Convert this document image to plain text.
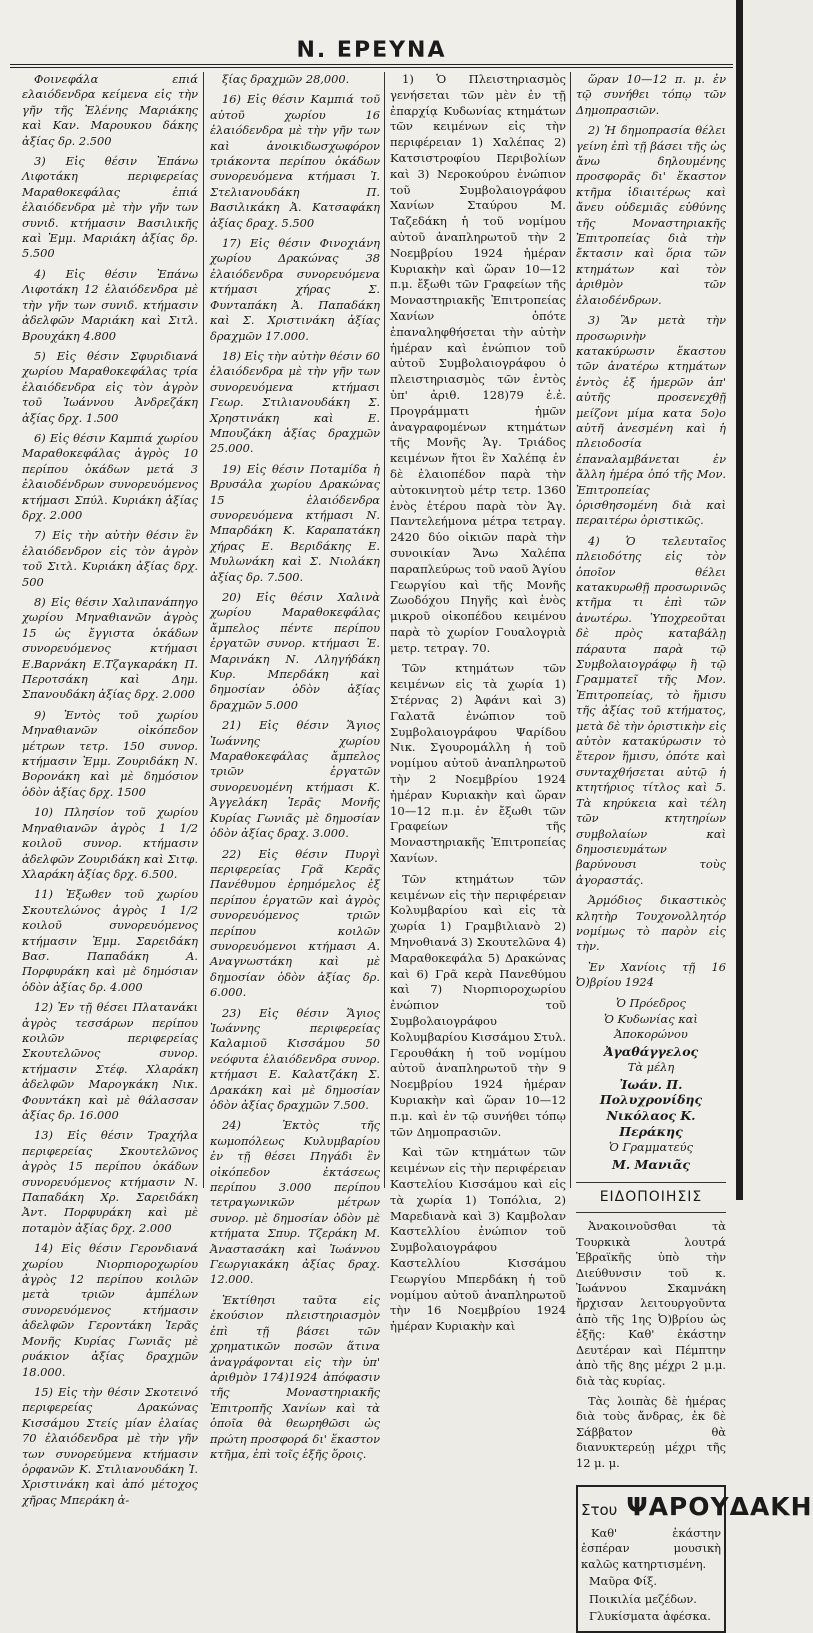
Ν. ΕΡΕΥΝΑ

Φοινεφάλα επιά ελαιόδενδρα κείμενα εἰς τὴν γῆν τῆς Ἑλένης Μαριάκης καὶ Καν. Μαρουκου δάκης ἀξίας δρ. 2.500

3) Εἰς θέσιν Ἐπάνω Λιφοτάκη περιφερείας Μαραθοκεφάλας ἐπιά ἐλαιόδενδρα μὲ τὴν γῆν των συνιδ. κτήμασιν Βασιλικῆς καὶ Ἐμμ. Μαριάκη ἀξίας δρ. 5.500

4) Εἰς θέσιν Ἐπάνω Λιφοτάκη 12 ἐλαιόδενδρα μὲ τὴν γῆν των συνιδ. κτήμασιν ἀδελφῶν Μαριάκη καὶ Σιτλ. Βρουχάκη 4.800

5) Εἰς θέσιν Σφυριδιανά χωρίου Μαραθοκεφάλας τρία ἐλαιόδενδρα εἰς τὸν ἀγρὸν τοῦ Ἰωάννου Ἀνδρεζάκη ἀξίας δρχ. 1.500

6) Εἰς θέσιν Καμπιά χωρίου Μαραθοκεφάλας ἀγρὸς 10 περίπου ὀκάδων μετά 3 ἐλαιοδένδρων συνορευόμενος κτήμασι Σπύλ. Κυριάκη ἀξίας δρχ. 2.000

7) Εἰς τὴν αὐτὴν θέσιν ἓν ἐλαιόδενδρον εἰς τὸν ἀγρὸν τοῦ Σιτλ. Κυριάκη ἀξίας δρχ. 500

8) Εἰς θέσιν Χαλιπανάπηγο χωρίου Μηναθιανῶν ἀγρὸς 15 ὡς ἔγγιστα ὀκάδων συνορευόμενος κτήμασι Ε.Βαρνάκη Ε.Τζαγκαράκη Π. Περοτσάκη καὶ Δημ. Σπανουδάκη ἀξίας δρχ. 2.000

9) Ἐντὸς τοῦ χωρίου Μηναθιανῶν οἰκόπεδον μέτρων τετρ. 150 συνορ. κτήμασιν Ἐμμ. Ζουριδάκη Ν. Βορονάκη καὶ μὲ δημόσιον ὁδὸν ἀξίας δρχ. 1500

10) Πλησίον τοῦ χωρίου Μηναθιανῶν ἀγρὸς 1 1/2 κοιλοῦ συνορ. κτήμασιν ἀδελφῶν Ζουριδάκη καὶ Σιτφ. Χλαράκη ἀξίας δρχ. 6.500.

11) Ἐξωθεν τοῦ χωρίου Σκουτελώνος ἀγρὸς 1 1/2 κοιλοῦ συνορευόμενος κτήμασιν Ἐμμ. Σαρειδάκη Βασ. Παπαδάκη Α. Πορφυράκη καὶ μὲ δημόσιαν ὁδὸν ἀξίας δρ. 4.000

12) Ἐν τῇ θέσει Πλατανάκι ἀγρὸς τεσσάρων περίπου κοιλῶν περιφερείας Σκουτελῶνος συνορ. κτήμασιν Στέφ. Χλαράκη ἀδελφῶν Μαρογκάκη Νικ. Φουντάκη καὶ μὲ θάλασσαν ἀξίας δρ. 16.000

13) Εἰς θέσιν Τραχήλα περιφερείας Σκουτελῶνος ἀγρὸς 15 περίπου ὀκάδων συνορευόμενος κτήμασιν Ν. Παπαδάκη Χρ. Σαρειδάκη Ἀντ. Πορφυράκη καὶ μὲ ποταμὸν ἀξίας δρχ. 2.000

14) Εἰς θέσιν Γερονδιανά χωρίου Νιορπιοροχωρίου ἀγρὸς 12 περίπου κοιλῶν μετὰ τριῶν ἀμπέλων συνορευόμενος κτήμασιν ἀδελφῶν Γεροντάκη Ἱερᾶς Μονῆς Κυρίας Γωνιᾶς μὲ ρυάκιον ἀξίας δραχμῶν 18.000.

15) Εἰς τὴν θέσιν Σκοτεινό περιφερείας Δρακώνας Κισσάμου Στείς μίαν ἐλαίας 70 ἐλαιόδενδρα μὲ τὴν γῆν των συνορεύμενα κτήμασιν ὀρφανῶν Κ. Στιλιανουδάκη Ἰ. Χριστινάκη καὶ ἀπό μέτοχος χῆρας Μπεράκη ἀ-

ξίας δραχμῶν 28,000.

16) Εἰς θέσιν Καμπιά τοῦ αὐτοῦ χωρίου 16 ἐλαιόδενδρα μὲ τὴν γῆν των καὶ ἀνοικιδωσχωφόρον τριάκοντα περίπου ὀκάδων συνορευόμενα κτήμασι Ἰ. Στελιανουδάκη Π. Βασιλικάκη Ἀ. Κατσαφάκη ἀξίας δραχ. 5.500

17) Εἰς θέσιν Φινοχιάνη χωρίου Δρακώνας 38 ἐλαιόδενδρα συνορευόμενα κτήμασι χήρας Σ. Φυνταπάκη Ἀ. Παπαδάκη καὶ Σ. Χριστινάκη ἀξίας δραχμῶν 17.000.

18) Εἰς τὴν αὐτὴν θέσιν 60 ἐλαιόδενδρα μὲ τὴν γῆν των συνορευόμενα κτήμασι Γεωρ. Στιλιανουδάκη Σ. Χρηστινάκη καὶ Ε. Μπουζάκη ἀξίας δραχμῶν 25.000.

19) Εἰς θέσιν Ποταμίδα ἡ Βρυσάλα χωρίου Δρακώνας 15 ἐλαιόδενδρα συνορευόμενα κτήμασι Ν. Μπαρδάκη Κ. Καραπατάκη χήρας Ε. Βεριδάκης Ε. Μυλωνάκη καὶ Σ. Νιολάκη ἀξίας δρ. 7.500.

20) Εἰς θέσιν Χαλινὰ χωρίου Μαραθοκεφάλας ἄμπελος πέντε περίπου ἐργατῶν συνορ. κτήμασι Ἐ. Μαρινάκη Ν. Λληγήδάκη Κυρ. Μπερδάκη καὶ δημοσίαν ὁδὸν ἀξίας δραχμῶν 5.000

21) Εἰς θέσιν Ἅγιος Ἰωάννης χωρίου Μαραθοκεφάλας ἄμπελος τριῶν ἐργατῶν συνορευομένη κτήμασι Κ. Ἀγγελάκη Ἱερᾶς Μονῆς Κυρίας Γωνιᾶς μὲ δημοσίαν ὁδὸν ἀξίας δραχ. 3.000.

22) Εἰς θέσιν Πυργὶ περιφερείας Γρᾶ Κερᾶς Πανέθυμου ἐρημόμελος ἐξ περίπου ἐργατῶν καὶ ἀγρὸς συνορευόμενος τριῶν περίπου κοιλῶν συνορευόμενοι κτήμασι Α. Αναγνωστάκη καὶ μὲ δημοσίαν ὁδὸν ἀξίας δρ. 6.000.

23) Εἰς θέσιν Ἅγιος Ἰωάννης περιφερείας Καλαμιοῦ Κισσάμου 50 νεόφυτα ἐλαιόδενδρα συνορ. κτήμασι Ε. Καλατζάκη Σ. Δρακάκη καὶ μὲ δημοσίαν ὁδὸν ἀξίας δραχμῶν 7.500.

24) Ἐκτὸς τῆς κωμοπόλεως Κυλυμβαρίου ἐν τῇ θέσει Πηγάδι ἓν οἰκόπεδον ἐκτάσεως περίπου 3.000 περίπου τετραγωνικῶν μέτρων συνορ. μὲ δημοσίαν ὁδὸν μὲ κτήματα Σπυρ. Τζεράκη Μ. Ἀναστασάκη καὶ Ἰωάννου Γεωργιακάκη ἀξίας δραχ. 12.000.

Ἐκτίθησι ταῦτα εἰς ἐκούσιον πλειστηριασμὸν ἐπὶ τῇ βάσει τῶν χρηματικῶν ποσῶν ἅτινα ἀναγράφονται εἰς τὴν ὑπ' ἀριθμὸν 174)1924 ἀπόφασιν τῆς Μοναστηριακῆς Ἐπιτροπῆς Χανίων καὶ τὰ ὁποῖα θὰ θεωρηθῶσι ὡς πρώτη προσφορά δι' ἕκαστον κτῆμα, ἐπὶ τοῖς ἑξῆς ὅροις.

1) Ὁ Πλειστηριασμὸς γενήσεται τῶν μὲν ἐν τῇ ἐπαρχίᾳ Κυδωνίας κτημάτων τῶν κειμένων εἰς τὴν περιφέρειαν 1) Χαλέπας 2) Κατσιστροφίου Περιβολίων καὶ 3) Νεροκούρου ἐνώπιον τοῦ Συμβολαιογράφου Χανίων Σταύρου Μ. Ταζεδάκη ἡ τοῦ νομίμου αὐτοῦ ἀναπληρωτοῦ τὴν 2 Νοεμβρίου 1924 ἡμέραν Κυριακὴν καὶ ὥραν 10—12 π.μ. ἔξωθι τῶν Γραφείων τῆς Μοναστηριακῆς Ἐπιτροπείας Χανίων ὁπότε ἐπαναληφθήσεται τὴν αὐτὴν ἡμέραν καὶ ἐνώπιον τοῦ αὐτοῦ Συμβολαιογράφου ὁ πλειστηριασμὸς τῶν ἐντὸς ὑπ' ἀριθ. 128)79 ἐ.ἐ. Προγράμματι ἡμῶν ἀναγραφομένων κτημάτων τῆς Μονῆς Ἁγ. Τριάδος κειμένων ἤτοι ἓν Χαλέπᾳ ἐν δὲ ἐλαιοπέδον παρὰ τὴν αὐτοκινητοὺ μέτρ τετρ. 1360 ἑνὸς ἑτέρου παρὰ τὸν Ἁγ. Παντελεήμονα μέτρα τετραγ. 2420 δύο οἰκιῶν παρὰ τὴν συνοικίαν Ἄνω Χαλέπα παραπλεύρως τοῦ ναοῦ Ἁγίου Γεωργίου καὶ τῆς Μονῆς Ζωοδόχου Πηγῆς καὶ ἑνὸς μικροῦ οἰκοπέδου κειμένου παρὰ τὸ χωρίον Γουαλογριὰ μετρ. τετραγ. 70.

Τῶν κτημάτων τῶν κειμένων εἰς τὰ χωρία 1) Στέρνας 2) Ἀφάνι καὶ 3) Γαλατᾶ ἐνώπιον τοῦ Συμβολαιογράφου Ψαρίδου Νικ. Σγουρομάλλη ἡ τοῦ νομίμου αὐτοῦ ἀναπληρωτοῦ τὴν 2 Νοεμβρίου 1924 ἡμέραν Κυριακὴν καὶ ὥραν 10—12 π.μ. ἐν ἔξωθι τῶν Γραφείων τῆς Μοναστηριακῆς Ἐπιτροπείας Χανίων.

Τῶν κτημάτων τῶν κειμένων εἰς τὴν περιφέρειαν Κολυμβαρίου καὶ εἰς τὰ χωρία 1) Γραμβιλιανὸ 2) Μηνοθιανά 3) Σκουτελῶνα 4) Μαραθοκεφάλα 5) Δρακώνας καὶ 6) Γρᾶ κερὰ Πανεθύμου καὶ 7) Νιορπιοροχωρίου ἐνώπιον τοῦ Συμβολαιογράφου Κολυμβαρίου Κισσάμου Στυλ. Γερουθάκη ἡ τοῦ νομίμου αὐτοῦ ἀναπληρωτοῦ τὴν 9 Νοεμβρίου 1924 ἡμέραν Κυριακὴν καὶ ὥραν 10—12 π.μ. καὶ ἐν τῷ συνήθει τόπῳ τῶν Δημοπρασιῶν.

Καὶ τῶν κτημάτων τῶν κειμένων εἰς τὴν περιφέρειαν Καστελίου Κισσάμου καὶ εἰς τὰ χωρία 1) Τοπόλια, 2) Μαρεδιανὰ καὶ 3) Καμβολαν Καστελλίου ἐνώπιον τοῦ Συμβολαιογράφου Καστελλίου Κισσάμου Γεωργίου Μπερδάκη ἡ τοῦ νομίμου αὐτοῦ ἀναπληρωτοῦ τὴν 16 Νοεμβρίου 1924 ἡμέραν Κυριακὴν καὶ

ὥραν 10—12 π. μ. ἐν τῷ συνήθει τόπῳ τῶν Δημοπρασιῶν.

2) Ἡ δημοπρασία θέλει γείνη ἐπὶ τῇ βάσει τῆς ὡς ἄνω δηλουμένης προσφορᾶς δι' ἕκαστον κτῆμα ἰδιαιτέρως καὶ ἄνευ οὐδεμιᾶς εὐθύνης τῆς Μοναστηριακῆς Ἐπιτροπείας διὰ τὴν ἔκτασιν καὶ ὅρια τῶν κτημάτων καὶ τὸν ἀριθμὸν τῶν ἐλαιοδένδρων.

3) Ἂν μετὰ τὴν προσωρινὴν κατακύρωσιν ἕκαστου τῶν ἀνατέρω κτημάτων ἐντὸς ἐξ ἡμερῶν ἀπ' αὐτῆς προσενεχθῇ μείζονι μίμα κατα 5ο)ο αὐτῆ ἀνεσμένη καὶ ἡ πλειοδοσία ἐπαναλαμβάνεται ἐν ἄλλη ἡμέρα ὁπό τῆς Μον. Ἐπιτροπείας ὁρισθησομένη διὰ καὶ περαιτέρω ὁριστικῶς.

4) Ὁ τελευταῖος πλειοδότης εἰς τὸν ὁποῖον θέλει κατακυρωθῇ προσωρινῶς κτῆμα τι ἐπὶ τῶν ἀνωτέρω. Ὑποχρεοῦται δὲ πρὸς καταβάλῃ πάραυτα παρὰ τῷ Συμβολαιογράφῳ ἢ τῷ Γραμματεῖ τῆς Μον. Ἐπιτροπείας, τὸ ἥμισυ τῆς ἀξίας τοῦ κτήματος, μετὰ δὲ τὴν ὁριστικὴν εἰς αὐτὸν κατακύρωσιν τὸ ἕτερον ἥμισυ, ὁπότε καὶ συνταχθήσεται αὐτῷ ἡ κτητήριος τίτλος καὶ 5. Τὰ κηρύκεια καὶ τέλη τῶν κτητηρίων συμβολαίων καὶ δημοσιευμάτων βαρύνουσι τοὺς ἀγοραστάς.

Ἀρμόδιος δικαστικὸς κλητὴρ Τουχονολλητόρ νομίμως τὸ παρὸν εἰς τὴν.

Ἐν Χανίοις τῇ 16 Ὀ)βρίου 1924

Ὁ Πρόεδρος

Ὁ Κυδωνίας καὶ Ἀποκορώνου

Ἀγαθάγγελος

Τὰ μέλη

Ἰωάν. Π. Πολυχρονίδης

Νικόλαος Κ. Περάκης

Ὁ Γραμματεύς

Μ. Μανιᾶς

ΕΙΔΟΠΟΙΗΣΙΣ

Ἀνακοινοῦσθαι τὰ Τουρκικὰ λουτρά Ἑβραϊκῆς ὑπὸ τὴν Διεύθυνσιν τοῦ κ. Ἰωάννου Σκαμνάκη ἤρχισαν λειτουργοῦντα ἀπὸ τῆς 1ης Ὀ)βρίου ὡς ἑξῆς: Καθ' ἑκάστην Δευτέραν καὶ Πέμπτην ἀπὸ τῆς 8ης μέχρι 2 μ.μ. διὰ τὰς κυρίας.

Τὰς λοιπὰς δὲ ἡμέρας διὰ τοὺς ἄνδρας, ἐκ δὲ Σάββατον θὰ διανυκτερεύῃ μέχρι τῆς 12 μ. μ.

Στου ΨΑΡΟΥΔΑΚΗ

Καθ' ἑκάστην ἑσπέραν μουσικὴ καλῶς κατηρτισμένη.

Μαῦρα Φίξ.

Ποικιλία μεζέδων.

Γλυκίσματα ἀφέσκα.
